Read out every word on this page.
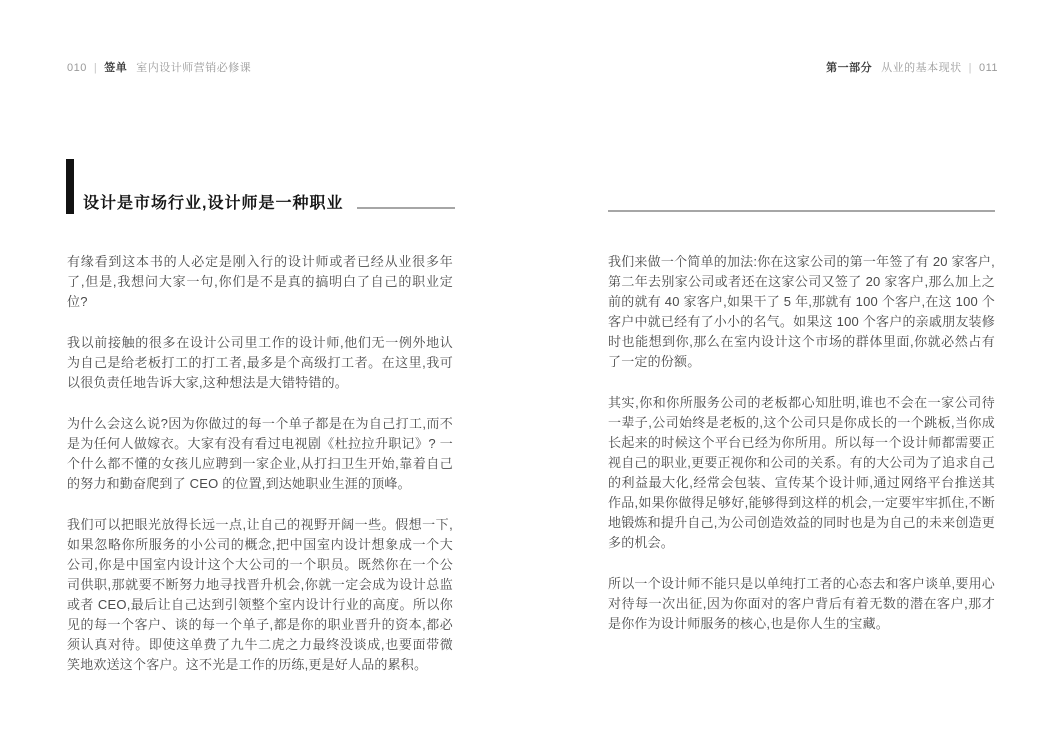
010 | 签单 室内设计师营销必修课	第一部分 从业的基本现状 | 011
设计是市场行业,设计师是一种职业

有缘看到这本书的人必定是刚入行的设计师或者已经从业很多年了,但是,我想问大家一句,你们是不是真的搞明白了自己的职业定位?

我以前接触的很多在设计公司里工作的设计师,他们无一例外地认为自己是给老板打工的打工者,最多是个高级打工者。在这里,我可以很负责任地告诉大家,这种想法是大错特错的。

为什么会这么说?因为你做过的每一个单子都是在为自己打工,而不是为任何人做嫁衣。大家有没有看过电视剧《杜拉拉升职记》? 一个什么都不懂的女孩儿应聘到一家企业,从打扫卫生开始,靠着自己的努力和勤奋爬到了 CEO 的位置,到达她职业生涯的顶峰。

我们可以把眼光放得长远一点,让自己的视野开阔一些。假想一下,如果忽略你所服务的小公司的概念,把中国室内设计想象成一个大公司,你是中国室内设计这个大公司的一个职员。既然你在一个公司供职,那就要不断努力地寻找晋升机会,你就一定会成为设计总监或者 CEO,最后让自己达到引领整个室内设计行业的高度。所以你见的每一个客户、谈的每一个单子,都是你的职业晋升的资本,都必须认真对待。即使这单费了九牛二虎之力最终没谈成,也要面带微笑地欢送这个客户。这不光是工作的历练,更是好人品的累积。

我们来做一个简单的加法:你在这家公司的第一年签了有 20 家客户,第二年去别家公司或者还在这家公司又签了 20 家客户,那么加上之前的就有 40 家客户,如果干了 5 年,那就有 100 个客户,在这 100 个客户中就已经有了小小的名气。如果这 100 个客户的亲戚朋友装修时也能想到你,那么在室内设计这个市场的群体里面,你就必然占有了一定的份额。

其实,你和你所服务公司的老板都心知肚明,谁也不会在一家公司待一辈子,公司始终是老板的,这个公司只是你成长的一个跳板,当你成长起来的时候这个平台已经为你所用。所以每一个设计师都需要正视自己的职业,更要正视你和公司的关系。有的大公司为了追求自己的利益最大化,经常会包装、宣传某个设计师,通过网络平台推送其作品,如果你做得足够好,能够得到这样的机会,一定要牢牢抓住,不断地锻炼和提升自己,为公司创造效益的同时也是为自己的未来创造更多的机会。

所以一个设计师不能只是以单纯打工者的心态去和客户谈单,要用心对待每一次出征,因为你面对的客户背后有着无数的潜在客户,那才是你作为设计师服务的核心,也是你人生的宝藏。
